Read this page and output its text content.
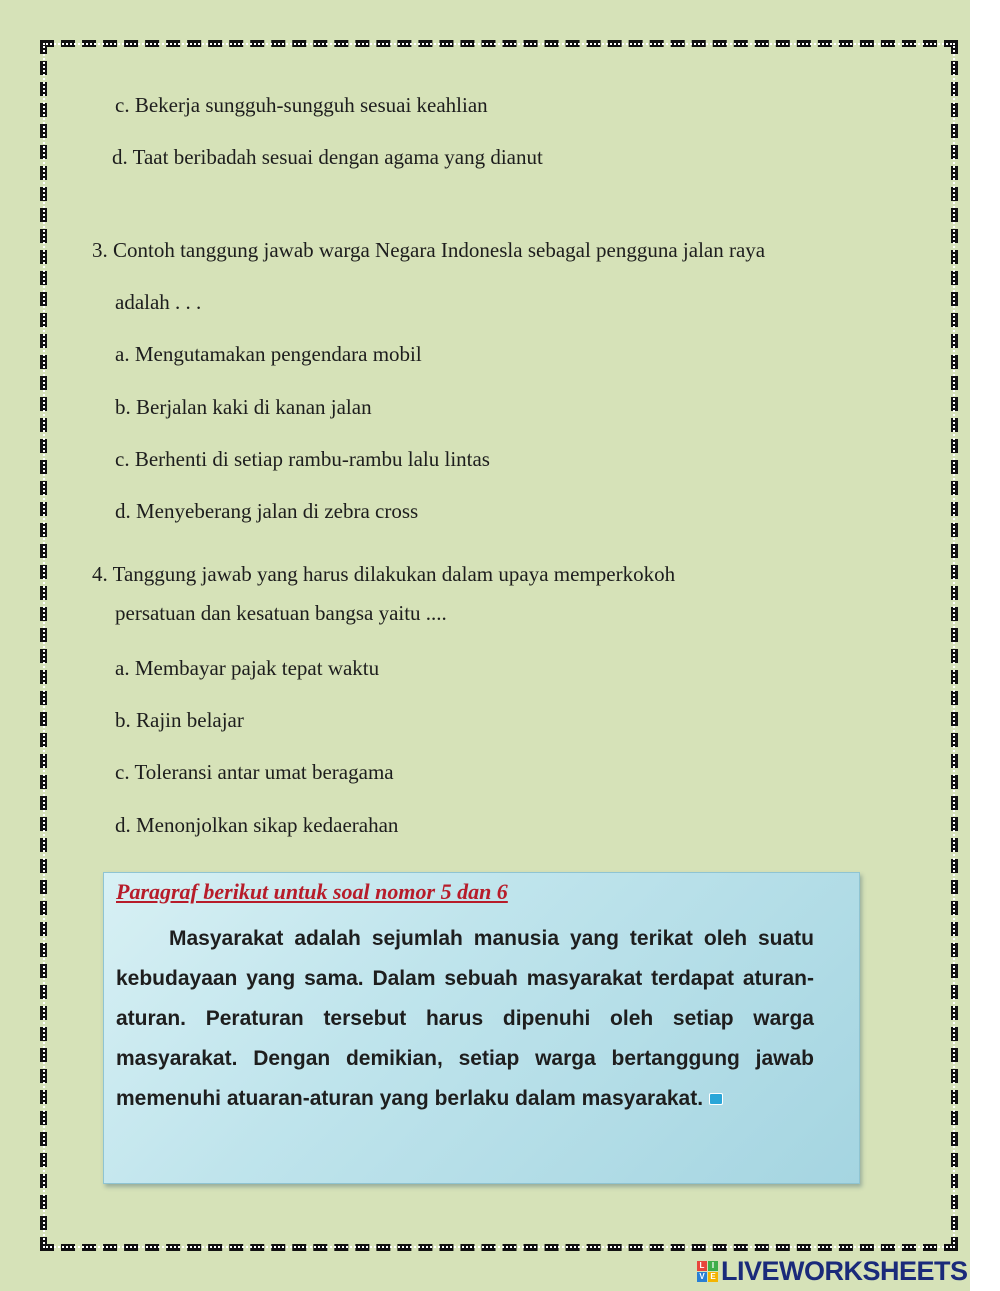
c. Bekerja sungguh-sungguh sesuai keahlian

d. Taat beribadah sesuai dengan agama yang dianut

3. Contoh tanggung jawab warga Negara Indonesla sebagal pengguna jalan raya

adalah . . .

a. Mengutamakan pengendara mobil

b. Berjalan kaki di kanan jalan

c. Berhenti di setiap rambu-rambu lalu lintas

d. Menyeberang jalan di zebra cross

4. Tanggung jawab yang harus dilakukan dalam upaya memperkokoh

persatuan dan kesatuan bangsa yaitu ....

a. Membayar pajak tepat waktu

b. Rajin belajar

c. Toleransi antar umat beragama

d. Menonjolkan sikap kedaerahan

Paragraf berikut untuk soal nomor 5 dan 6

Masyarakat adalah sejumlah manusia yang terikat oleh suatu kebudayaan yang sama. Dalam sebuah masyarakat terdapat aturan-aturan. Peraturan tersebut harus dipenuhi oleh setiap warga masyarakat. Dengan demikian, setiap warga bertanggung jawab memenuhi atuaran-aturan yang berlaku dalam masyarakat.

L I
V E LIVEWORKSHEETS
